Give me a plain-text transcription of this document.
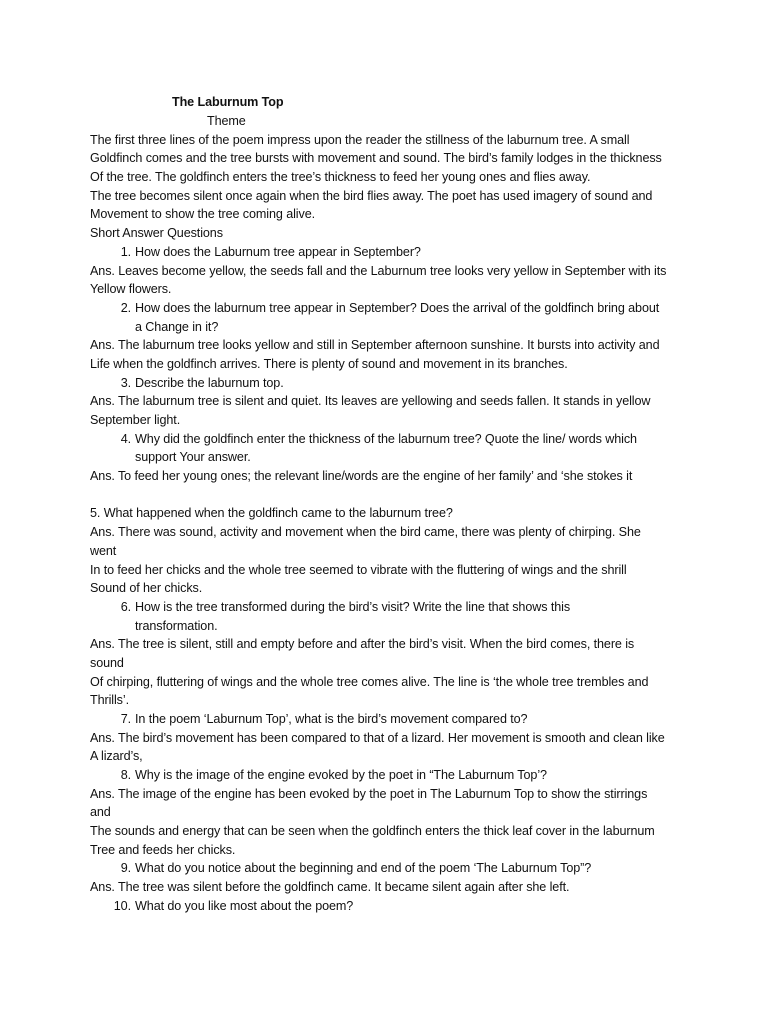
The Laburnum Top
Theme
The first three lines of the poem impress upon the reader the stillness of the laburnum tree. A small
Goldfinch comes and the tree bursts with movement and sound. The bird’s family lodges in the thickness
Of the tree. The goldfinch enters the tree’s thickness to feed her young ones and flies away.
The tree becomes silent once again when the bird flies away. The poet has used imagery of sound and
Movement to show the tree coming alive.
Short Answer Questions
1. How does the Laburnum tree appear in September?
Ans. Leaves become yellow, the seeds fall and the Laburnum tree looks very yellow in September with its
Yellow flowers.
2. How does the laburnum tree appear in September? Does the arrival of the goldfinch bring about
a Change in it?
Ans. The laburnum tree looks yellow and still in September afternoon sunshine. It bursts into activity and
Life when the goldfinch arrives. There is plenty of sound and movement in its branches.
3. Describe the laburnum top.
Ans. The laburnum tree is silent and quiet. Its leaves are yellowing and seeds fallen. It stands in yellow
September light.
4. Why did the goldfinch enter the thickness of the laburnum tree? Quote the line/ words which
support Your answer.
Ans. To feed her young ones; the relevant line/words are the engine of her family’ and ‘she stokes it
5. What happened when the goldfinch came to the laburnum tree?
Ans. There was sound, activity and movement when the bird came, there was plenty of chirping. She
went
In to feed her chicks and the whole tree seemed to vibrate with the fluttering of wings and the shrill
Sound of her chicks.
6. How is the tree transformed during the bird’s visit? Write the line that shows this
transformation.
Ans. The tree is silent, still and empty before and after the bird’s visit. When the bird comes, there is
sound
Of chirping, fluttering of wings and the whole tree comes alive. The line is ‘the whole tree trembles and
Thrills’.
7. In the poem ‘Laburnum Top’, what is the bird’s movement compared to?
Ans. The bird’s movement has been compared to that of a lizard. Her movement is smooth and clean like
A lizard’s,
8. Why is the image of the engine evoked by the poet in “The Laburnum Top’?
Ans. The image of the engine has been evoked by the poet in The Laburnum Top to show the stirrings
and
The sounds and energy that can be seen when the goldfinch enters the thick leaf cover in the laburnum
Tree and feeds her chicks.
9. What do you notice about the beginning and end of the poem ‘The Laburnum Top”?
Ans. The tree was silent before the goldfinch came. It became silent again after she left.
10. What do you like most about the poem?
